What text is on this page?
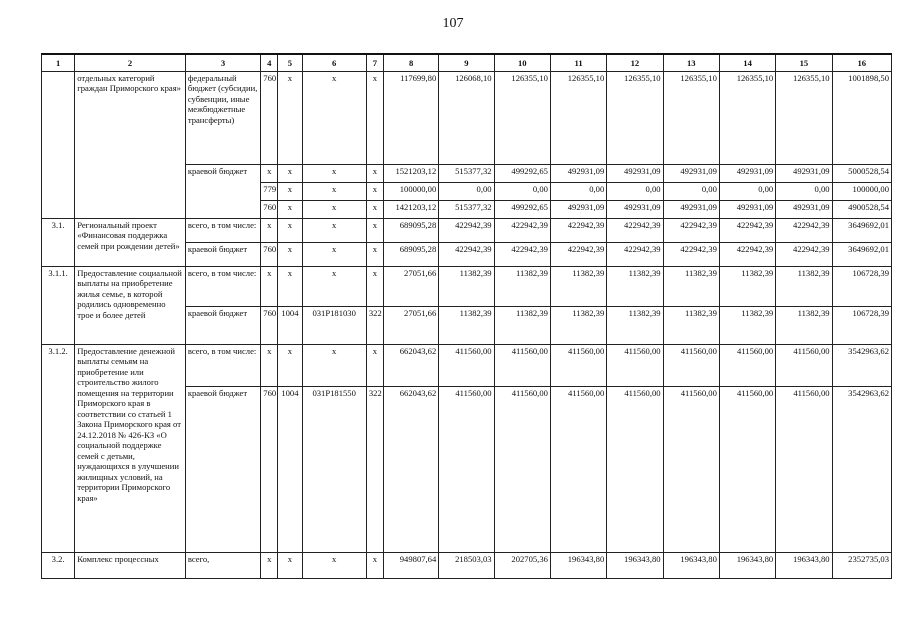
107
1	2	3	4	5	6	7	8	9	10	11	12	13	14	15	16
	отдельных категорий граждан Приморского края»	федеральный бюджет (субсидии, субвенции, иные межбюджетные трансферты)	760	x	x	x	117699,80	126068,10	126355,10	126355,10	126355,10	126355,10	126355,10	126355,10	1001898,50
		краевой бюджет	x	x	x	x	1521203,12	515377,32	499292,65	492931,09	492931,09	492931,09	492931,09	492931,09	5000528,54
			779	x	x	x	100000,00	0,00	0,00	0,00	0,00	0,00	0,00	0,00	100000,00
			760	x	x	x	1421203,12	515377,32	499292,65	492931,09	492931,09	492931,09	492931,09	492931,09	4900528,54
3.1.	Региональный проект «Финансовая поддержка семей при рождении детей»	всего, в том числе:	x	x	x	x	689095,28	422942,39	422942,39	422942,39	422942,39	422942,39	422942,39	422942,39	3649692,01
		краевой бюджет	760	x	x	x	689095,28	422942,39	422942,39	422942,39	422942,39	422942,39	422942,39	422942,39	3649692,01
3.1.1.	Предоставление социальной выплаты на приобретение жилья семье, в которой родились одновременно трое и более детей	всего, в том числе:	x	x	x	x	27051,66	11382,39	11382,39	11382,39	11382,39	11382,39	11382,39	11382,39	106728,39
		краевой бюджет	760	1004	031P181030	322	27051,66	11382,39	11382,39	11382,39	11382,39	11382,39	11382,39	11382,39	106728,39
3.1.2.	Предоставление денежной выплаты семьям на приобретение или строительство жилого помещения на территории Приморского края в соответствии со статьей 1 Закона Приморского края от 24.12.2018 № 426-КЗ «О социальной поддержке семей с детьми, нуждающихся в улучшении жилищных условий, на территории Приморского края»	всего, в том числе:	x	x	x	x	662043,62	411560,00	411560,00	411560,00	411560,00	411560,00	411560,00	411560,00	3542963,62
		краевой бюджет	760	1004	031P181550	322	662043,62	411560,00	411560,00	411560,00	411560,00	411560,00	411560,00	411560,00	3542963,62
3.2.	Комплекс процессных	всего,	x	x	x	x	949807,64	218503,03	202705,36	196343,80	196343,80	196343,80	196343,80	196343,80	2352735,03
